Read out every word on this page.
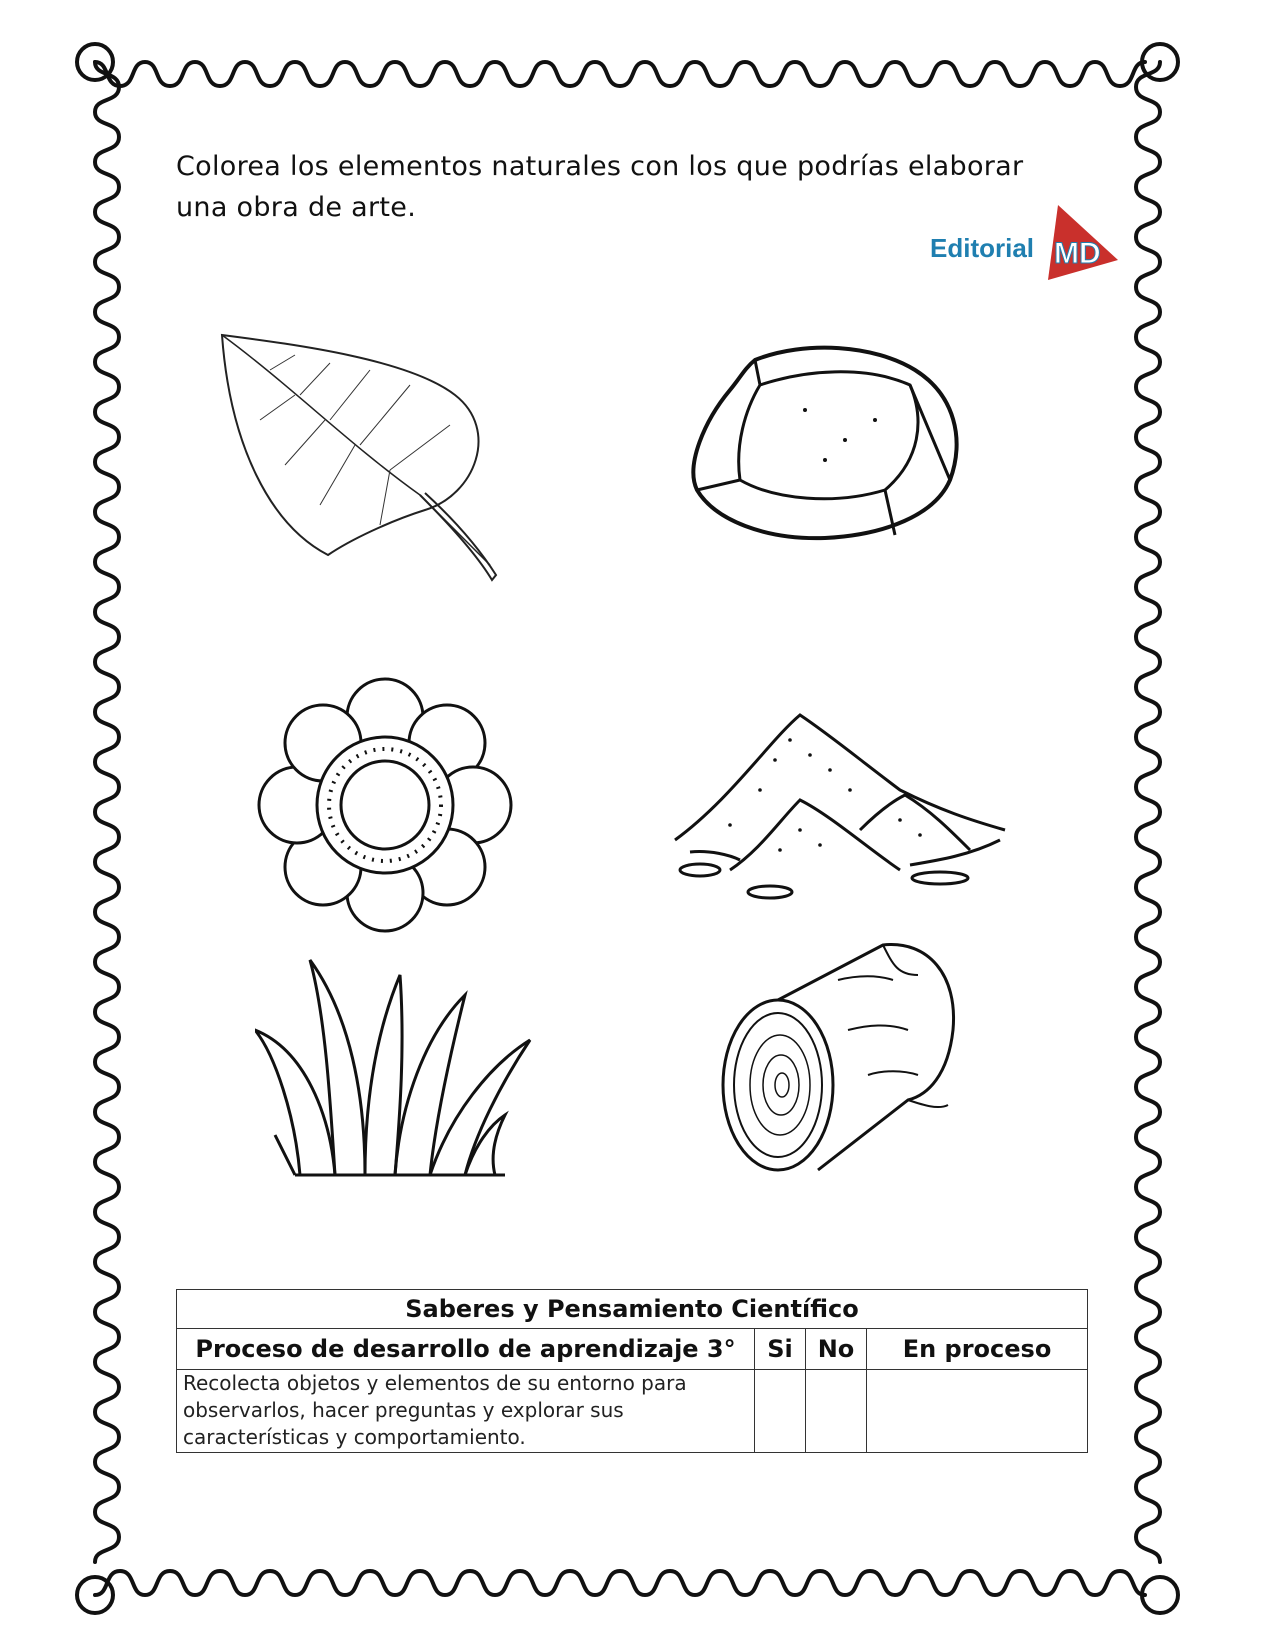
Colorea los elementos naturales con los que podrías elaborar una obra de arte.
Editorial MD
Saberes y Pensamiento Científico			
Proceso de desarrollo de aprendizaje 3°	Si	No	En proceso
Recolecta objetos y elementos de su entorno para observarlos, hacer preguntas y explorar sus características y comportamiento.			
